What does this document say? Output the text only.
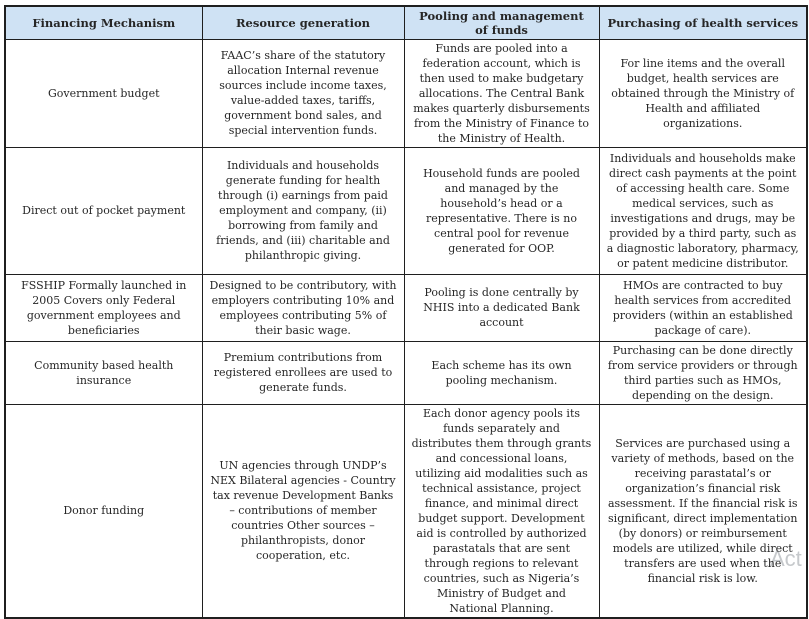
Act
Financing Mechanism	Resource generation	Pooling and management of funds	Purchasing of health services
Government budget	FAAC’s share of the statutory allocation Internal revenue sources include income taxes, value-added taxes, tariffs, government bond sales, and special intervention funds.	Funds are pooled into a federation account, which is then used to make budgetary allocations. The Central Bank makes quarterly disbursements from the Ministry of Finance to the Ministry of Health.	For line items and the overall budget, health services are obtained through the Ministry of Health and affiliated organizations.
Direct out of pocket payment	Individuals and households generate funding for health through (i) earnings from paid employment and company, (ii) borrowing from family and friends, and (iii) charitable and philanthropic giving.	Household funds are pooled and managed by the household’s head or a representative. There is no central pool for revenue generated for OOP.	Individuals and households make direct cash payments at the point of accessing health care. Some medical services, such as investigations and drugs, may be provided by a third party, such as a diagnostic laboratory, pharmacy, or patent medicine distributor.
FSSHIP Formally launched in 2005 Covers only Federal government employees and beneficiaries	Designed to be contributory, with employers contributing 10% and employees contributing 5% of their basic wage.	Pooling is done centrally by NHIS into a dedicated Bank account	HMOs are contracted to buy health services from accredited providers (within an established package of care).
Community based health insurance	Premium contributions from registered enrollees are used to generate funds.	Each scheme has its own pooling mechanism.	Purchasing can be done directly from service providers or through third parties such as HMOs, depending on the design.
Donor funding	UN agencies through UNDP’s NEX Bilateral agencies - Country tax revenue Development Banks – contributions of member countries Other sources – philanthropists, donor cooperation, etc.	Each donor agency pools its funds separately and distributes them through grants and concessional loans, utilizing aid modalities such as technical assistance, project finance, and minimal direct budget support. Development aid is controlled by authorized parastatals that are sent through regions to relevant countries, such as Nigeria’s Ministry of Budget and National Planning.	Services are purchased using a variety of methods, based on the receiving parastatal’s or organization’s financial risk assessment. If the financial risk is significant, direct implementation (by donors) or reimbursement models are utilized, while direct transfers are used when the financial risk is low.
